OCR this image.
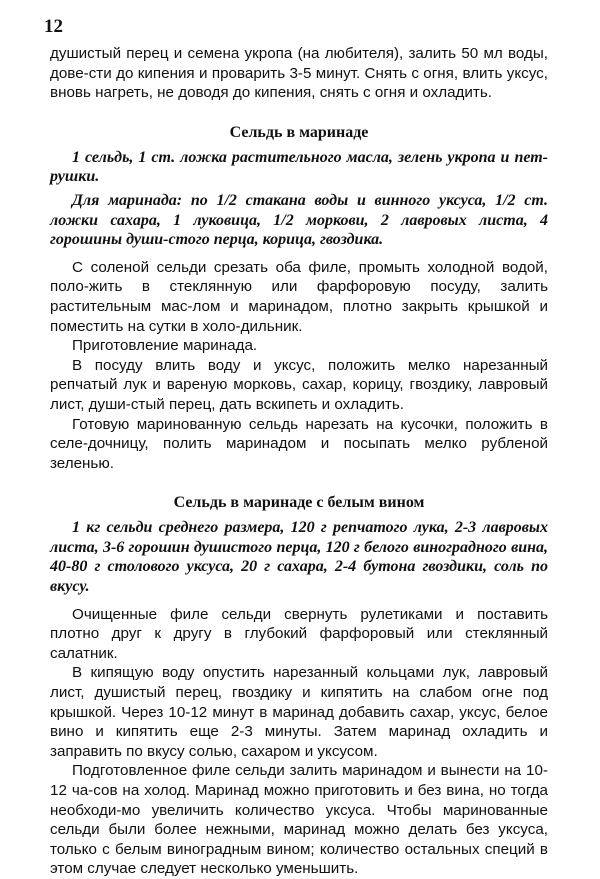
12

душистый перец и семена укропа (на любителя), залить 50 мл воды, дове-сти до кипения и проварить 3-5 минут. Снять с огня, влить уксус, вновь нагреть, не доводя до кипения, снять с огня и охладить.

Сельдь в маринаде

1 сельдь, 1 ст. ложка растительного масла, зелень укропа и пет-рушки.

Для маринада: по 1/2 стакана воды и винного уксуса, 1/2 ст. ложки сахара, 1 луковица, 1/2 моркови, 2 лавровых листа, 4 горошины души-стого перца, корица, гвоздика.

С соленой сельди срезать оба филе, промыть холодной водой, поло-жить в стеклянную или фарфоровую посуду, залить растительным мас-лом и маринадом, плотно закрыть крышкой и поместить на сутки в холо-дильник.

Приготовление маринада.

В посуду влить воду и уксус, положить мелко нарезанный репчатый лук и вареную морковь, сахар, корицу, гвоздику, лавровый лист, души-стый перец, дать вскипеть и охладить.

Готовую маринованную сельдь нарезать на кусочки, положить в селе-дочницу, полить маринадом и посыпать мелко рубленой зеленью.

Сельдь в маринаде с белым вином

1 кг сельди среднего размера, 120 г репчатого лука, 2-3 лавровых листа, 3-6 горошин душистого перца, 120 г белого виноградного вина, 40-80 г столового уксуса, 20 г сахара, 2-4 бутона гвоздики, соль по вкусу.

Очищенные филе сельди свернуть рулетиками и поставить плотно друг к другу в глубокий фарфоровый или стеклянный салатник.

В кипящую воду опустить нарезанный кольцами лук, лавровый лист, душистый перец, гвоздику и кипятить на слабом огне под крышкой. Через 10-12 минут в маринад добавить сахар, уксус, белое вино и кипятить еще 2-3 минуты. Затем маринад охладить и заправить по вкусу солью, сахаром и уксусом.

Подготовленное филе сельди залить маринадом и вынести на 10-12 ча-сов на холод. Маринад можно приготовить и без вина, но тогда необходи-мо увеличить количество уксуса. Чтобы маринованные сельди были более нежными, маринад можно делать без уксуса, только с белым виноградным вином; количество остальных специй в этом случае следует несколько уменьшить.
